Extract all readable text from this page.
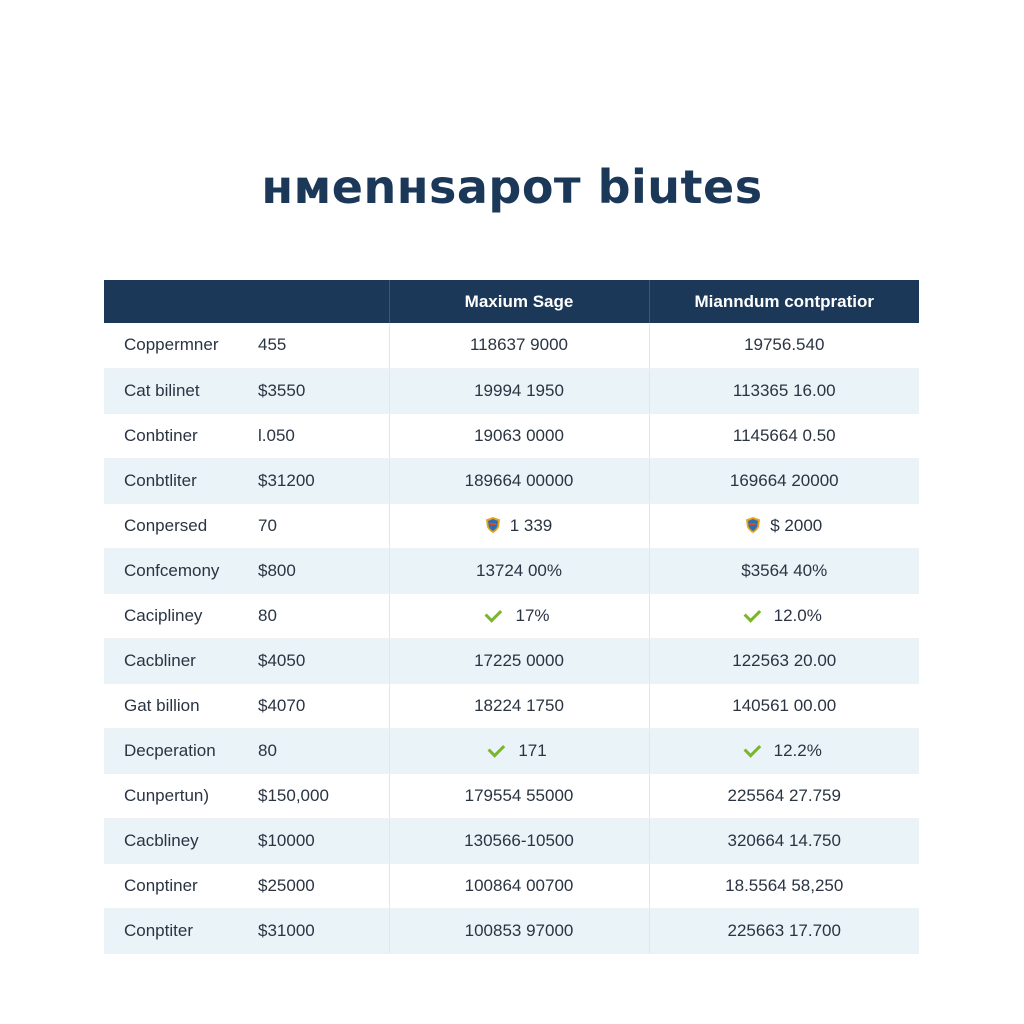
нмеnнsapoт biutes
		Maxium Sage	Mianndum contpratior
Coppermner	455	118637 9000	19756.540
Cat bilinet	$3550	19994 1950	113365 16.00
Conbtiner	l.050	19063 0000	1145664 0.50
Conbtliter	$31200	189664 00000	169664 20000
Conpersed	70	1 339	$ 2000
Confcemony	$800	13724 00%	$3564 40%
Caciplinеy	80	17%	12.0%
Cacbliner	$4050	17225 0000	122563 20.00
Gat billion	$4070	18224 1750	140561 00.00
Decperation	80	171	12.2%
Cunpertun)	$150,000	179554 55000	225564 27.759
Cacbliney	$10000	130566-10500	320664 14.750
Conptiner	$25000	100864 00700	18.5564 58,250
Conptiter	$31000	100853 97000	225663 17.700
